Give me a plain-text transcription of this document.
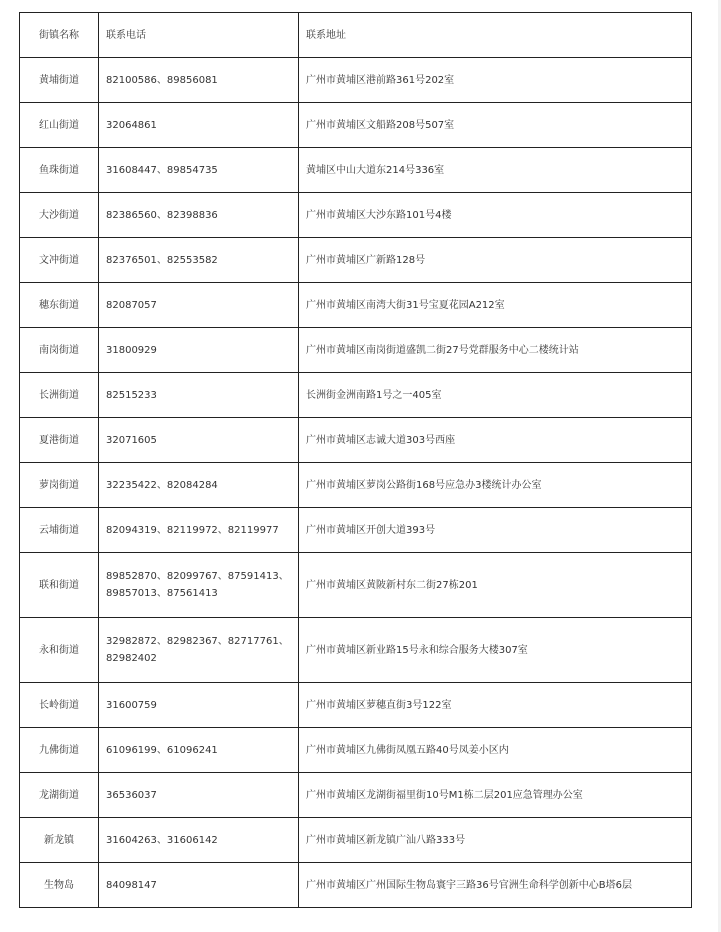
街镇名称	联系电话	联系地址
黄埔街道	82100586、89856081	广州市黄埔区港前路361号202室
红山街道	32064861	广州市黄埔区文船路208号507室
鱼珠街道	31608447、89854735	黄埔区中山大道东214号336室
大沙街道	82386560、82398836	广州市黄埔区大沙东路101号4楼
文冲街道	82376501、82553582	广州市黄埔区广新路128号
穗东街道	82087057	广州市黄埔区南湾大街31号宝夏花园A212室
南岗街道	31800929	广州市黄埔区南岗街道盛凯二街27号党群服务中心二楼统计站
长洲街道	82515233	长洲街金洲南路1号之一405室
夏港街道	32071605	广州市黄埔区志诚大道303号西座
萝岗街道	32235422、82084284	广州市黄埔区萝岗公路街168号应急办3楼统计办公室
云埔街道	82094319、82119972、82119977	广州市黄埔区开创大道393号
联和街道	89852870、82099767、87591413、89857013、87561413	广州市黄埔区黄陂新村东二街27栋201
永和街道	32982872、82982367、82717761、82982402	广州市黄埔区新业路15号永和综合服务大楼307室
长岭街道	31600759	广州市黄埔区萝穗直街3号122室
九佛街道	61096199、61096241	广州市黄埔区九佛街凤凰五路40号凤姜小区内
龙湖街道	36536037	广州市黄埔区龙湖街福里街10号M1栋二层201应急管理办公室
新龙镇	31604263、31606142	广州市黄埔区新龙镇广汕八路333号
生物岛	84098147	广州市黄埔区广州国际生物岛寰宇三路36号官洲生命科学创新中心B塔6层
